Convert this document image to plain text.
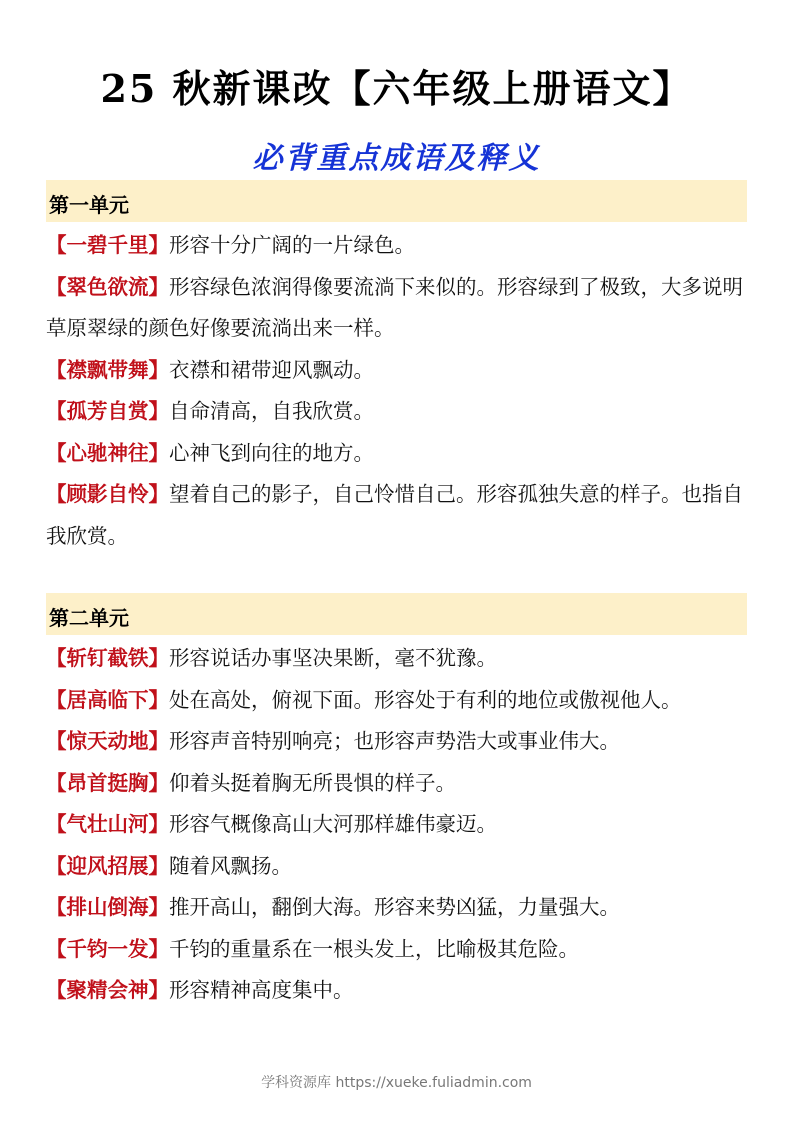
25 秋新课改【六年级上册语文】
必背重点成语及释义
第一单元

【一碧千里】形容十分广阔的一片绿色。

【翠色欲流】形容绿色浓润得像要流淌下来似的。形容绿到了极致，大多说明草原翠绿的颜色好像要流淌出来一样。

【襟飘带舞】衣襟和裙带迎风飘动。

【孤芳自赏】自命清高，自我欣赏。

【心驰神往】心神飞到向往的地方。

【顾影自怜】望着自己的影子，自己怜惜自己。形容孤独失意的样子。也指自我欣赏。

第二单元

【斩钉截铁】形容说话办事坚决果断，毫不犹豫。

【居高临下】处在高处，俯视下面。形容处于有利的地位或傲视他人。

【惊天动地】形容声音特别响亮；也形容声势浩大或事业伟大。

【昂首挺胸】仰着头挺着胸无所畏惧的样子。

【气壮山河】形容气概像高山大河那样雄伟豪迈。

【迎风招展】随着风飘扬。

【排山倒海】推开高山，翻倒大海。形容来势凶猛，力量强大。

【千钧一发】千钧的重量系在一根头发上，比喻极其危险。

【聚精会神】形容精神高度集中。

学科资源库 https://xueke.fuliadmin.com
